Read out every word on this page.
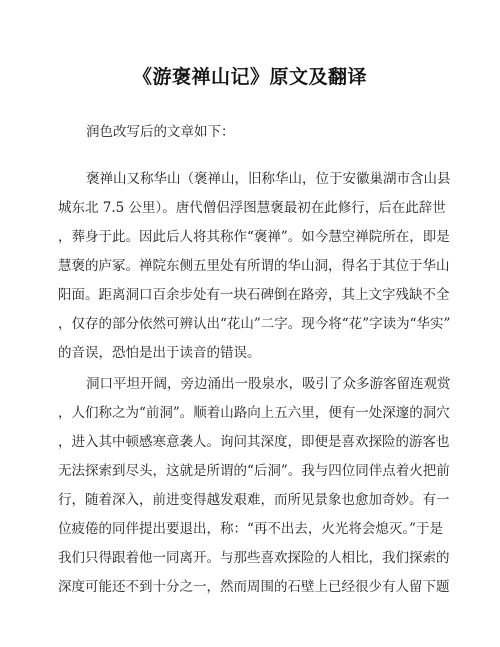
《游褒禅山记》原文及翻译
润色改写后的文章如下：
褒禅山又称华山（褒禅山，旧称华山，位于安徽巢湖市含山县
城东北 7.5 公里）。唐代僧侣浮图慧褒最初在此修行，后在此辞世
，葬身于此。因此后人将其称作“褒禅”。如今慧空禅院所在，即是
慧褒的庐冢。禅院东侧五里处有所谓的华山洞，得名于其位于华山
阳面。距离洞口百余步处有一块石碑倒在路旁，其上文字残缺不全
，仅存的部分依然可辨认出“花山”二字。现今将“花”字读为“华实”
的音误，恐怕是出于读音的错误。
洞口平坦开阔，旁边涌出一股泉水，吸引了众多游客留连观赏
，人们称之为“前洞”。顺着山路向上五六里，便有一处深邃的洞穴
，进入其中顿感寒意袭人。询问其深度，即便是喜欢探险的游客也
无法探索到尽头，这就是所谓的“后洞”。我与四位同伴点着火把前
行，随着深入，前进变得越发艰难，而所见景象也愈加奇妙。有一
位疲倦的同伴提出要退出，称：“再不出去，火光将会熄灭。”于是
我们只得跟着他一同离开。与那些喜欢探险的人相比，我们探索的
深度可能还不到十分之一，然而周围的石壁上已经很少有人留下题
